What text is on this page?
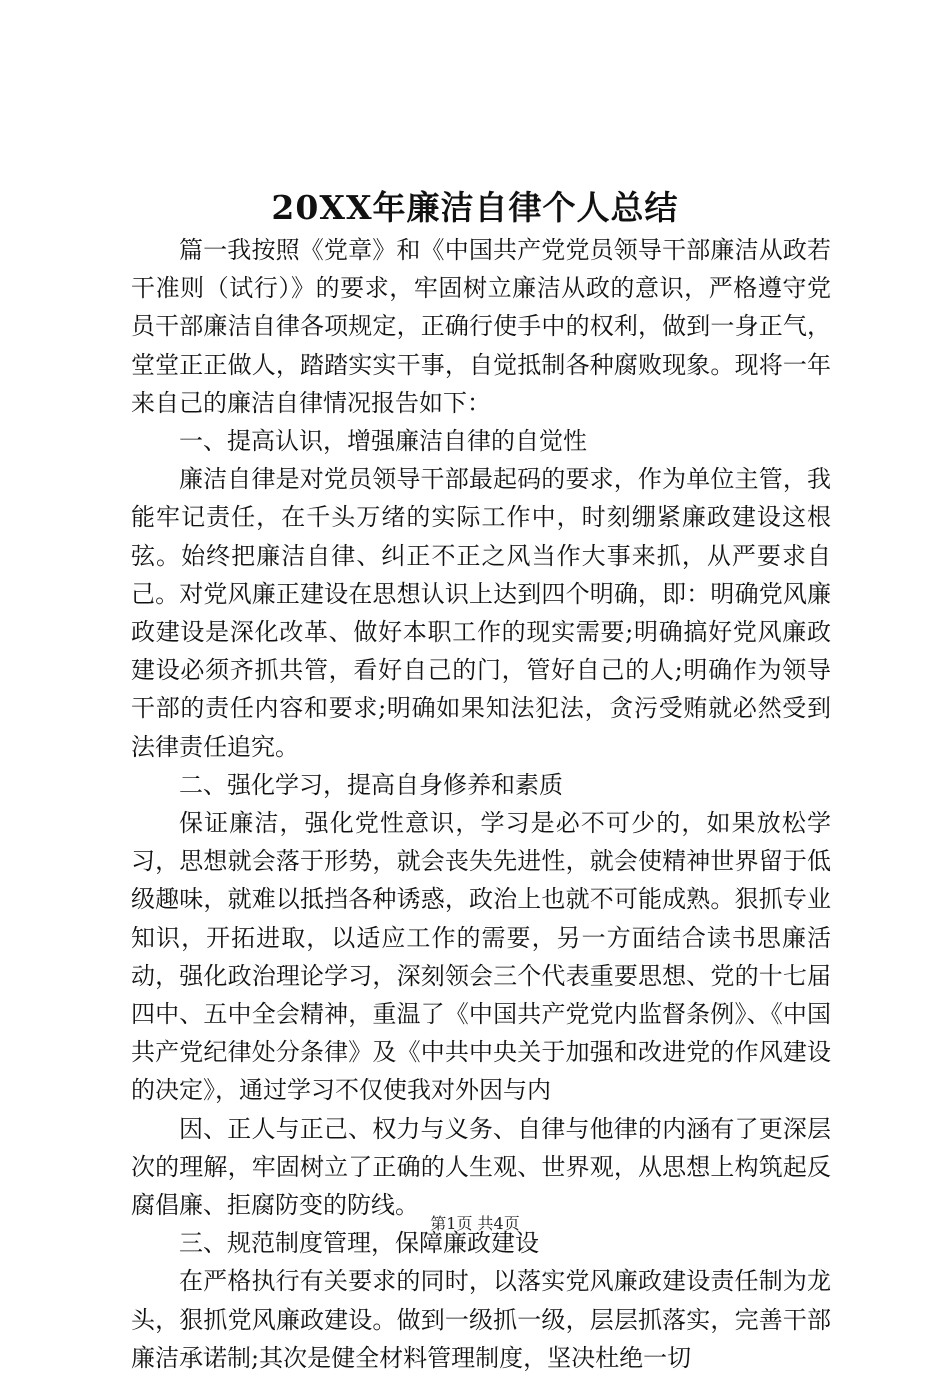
20XX年廉洁自律个人总结

篇一我按照《党章》和《中国共产党党员领导干部廉洁从政若干准则（试行）》的要求，牢固树立廉洁从政的意识，严格遵守党员干部廉洁自律各项规定，正确行使手中的权利，做到一身正气，堂堂正正做人，踏踏实实干事，自觉抵制各种腐败现象。现将一年来自己的廉洁自律情况报告如下：

一、提高认识，增强廉洁自律的自觉性

廉洁自律是对党员领导干部最起码的要求，作为单位主管，我能牢记责任，在千头万绪的实际工作中，时刻绷紧廉政建设这根弦。始终把廉洁自律、纠正不正之风当作大事来抓，从严要求自己。对党风廉正建设在思想认识上达到四个明确，即：明确党风廉政建设是深化改革、做好本职工作的现实需要;明确搞好党风廉政建设必须齐抓共管，看好自己的门，管好自己的人;明确作为领导干部的责任内容和要求;明确如果知法犯法，贪污受贿就必然受到法律责任追究。

二、强化学习，提高自身修养和素质

保证廉洁，强化党性意识，学习是必不可少的，如果放松学习，思想就会落于形势，就会丧失先进性，就会使精神世界留于低级趣味，就难以抵挡各种诱惑，政治上也就不可能成熟。狠抓专业知识，开拓进取，以适应工作的需要，另一方面结合读书思廉活动，强化政治理论学习，深刻领会三个代表重要思想、党的十七届四中、五中全会精神，重温了《中国共产党党内监督条例》、《中国共产党纪律处分条律》及《中共中央关于加强和改进党的作风建设的决定》，通过学习不仅使我对外因与内

因、正人与正己、权力与义务、自律与他律的内涵有了更深层次的理解，牢固树立了正确的人生观、世界观，从思想上构筑起反腐倡廉、拒腐防变的防线。

三、规范制度管理，保障廉政建设

在严格执行有关要求的同时，以落实党风廉政建设责任制为龙头，狠抓党风廉政建设。做到一级抓一级，层层抓落实，完善干部廉洁承诺制;其次是健全材料管理制度，坚决杜绝一切

第1页 共4页
